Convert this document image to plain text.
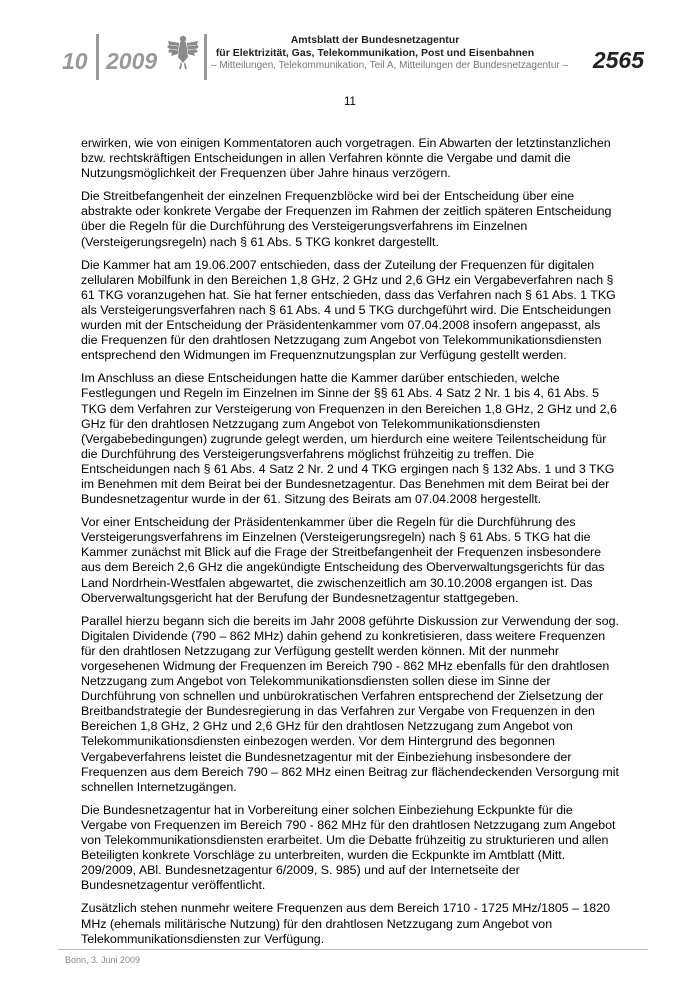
10 2009
Amtsblatt der Bundesnetzagentur
für Elektrizität, Gas, Telekommunikation, Post und Eisenbahnen
– Mitteilungen, Telekommunikation, Teil A, Mitteilungen der Bundesnetzagentur – 2565
11

erwirken, wie von einigen Kommentatoren auch vorgetragen. Ein Abwarten der letztinstanzlichen bzw. rechtskräftigen Entscheidungen in allen Verfahren könnte die Vergabe und damit die Nutzungsmöglichkeit der Frequenzen über Jahre hinaus verzögern.

Die Streitbefangenheit der einzelnen Frequenzblöcke wird bei der Entscheidung über eine abstrakte oder konkrete Vergabe der Frequenzen im Rahmen der zeitlich späteren Entscheidung über die Regeln für die Durchführung des Versteigerungsverfahrens im Einzelnen (Versteigerungsregeln) nach § 61 Abs. 5 TKG konkret dargestellt.

Die Kammer hat am 19.06.2007 entschieden, dass der Zuteilung der Frequenzen für digitalen zellularen Mobilfunk in den Bereichen 1,8 GHz, 2 GHz und 2,6 GHz ein Vergabeverfahren nach § 61 TKG voranzugehen hat. Sie hat ferner entschieden, dass das Verfahren nach § 61 Abs. 1 TKG als Versteigerungsverfahren nach § 61 Abs. 4 und 5 TKG durchgeführt wird. Die Entscheidungen wurden mit der Entscheidung der Präsidentenkammer vom 07.04.2008 insofern angepasst, als die Frequenzen für den drahtlosen Netzzugang zum Angebot von Telekommunikationsdiensten entsprechend den Widmungen im Frequenznutzungsplan zur Verfügung gestellt werden.

Im Anschluss an diese Entscheidungen hatte die Kammer darüber entschieden, welche Festlegungen und Regeln im Einzelnen im Sinne der §§ 61 Abs. 4 Satz 2 Nr. 1 bis 4, 61 Abs. 5 TKG dem Verfahren zur Versteigerung von Frequenzen in den Bereichen 1,8 GHz, 2 GHz und 2,6 GHz für den drahtlosen Netzzugang zum Angebot von Telekommunikationsdiensten (Vergabebedingungen) zugrunde gelegt werden, um hierdurch eine weitere Teilentscheidung für die Durchführung des Versteigerungsverfahrens möglichst frühzeitig zu treffen. Die Entscheidungen nach § 61 Abs. 4 Satz 2 Nr. 2 und 4 TKG ergingen nach § 132 Abs. 1 und 3 TKG im Benehmen mit dem Beirat bei der Bundesnetzagentur. Das Benehmen mit dem Beirat bei der Bundesnetzagentur wurde in der 61. Sitzung des Beirats am 07.04.2008 hergestellt.

Vor einer Entscheidung der Präsidentenkammer über die Regeln für die Durchführung des Versteigerungsverfahrens im Einzelnen (Versteigerungsregeln) nach § 61 Abs. 5 TKG hat die Kammer zunächst mit Blick auf die Frage der Streitbefangenheit der Frequenzen insbesondere aus dem Bereich 2,6 GHz die angekündigte Entscheidung des Oberverwaltungsgerichts für das Land Nordrhein-Westfalen abgewartet, die zwischenzeitlich am 30.10.2008 ergangen ist. Das Oberverwaltungsgericht hat der Berufung der Bundesnetzagentur stattgegeben.

Parallel hierzu begann sich die bereits im Jahr 2008 geführte Diskussion zur Verwendung der sog. Digitalen Dividende (790 – 862 MHz) dahin gehend zu konkretisieren, dass weitere Frequenzen für den drahtlosen Netzzugang zur Verfügung gestellt werden können. Mit der nunmehr vorgesehenen Widmung der Frequenzen im Bereich 790 - 862 MHz ebenfalls für den drahtlosen Netzzugang zum Angebot von Telekommunikationsdiensten sollen diese im Sinne der Durchführung von schnellen und unbürokratischen Verfahren entsprechend der Zielsetzung der Breitbandstrategie der Bundesregierung in das Verfahren zur Vergabe von Frequenzen in den Bereichen 1,8 GHz, 2 GHz und 2,6 GHz für den drahtlosen Netzzugang zum Angebot von Telekommunikationsdiensten einbezogen werden. Vor dem Hintergrund des begonnen Vergabeverfahrens leistet die Bundesnetzagentur mit der Einbeziehung insbesondere der Frequenzen aus dem Bereich 790 – 862 MHz einen Beitrag zur flächendeckenden Versorgung mit schnellen Internetzugängen.

Die Bundesnetzagentur hat in Vorbereitung einer solchen Einbeziehung Eckpunkte für die Vergabe von Frequenzen im Bereich 790 - 862 MHz für den drahtlosen Netzzugang zum Angebot von Telekommunikationsdiensten erarbeitet. Um die Debatte frühzeitig zu strukturieren und allen Beteiligten konkrete Vorschläge zu unterbreiten, wurden die Eckpunkte im Amtblatt (Mitt. 209/2009, ABl. Bundesnetzagentur 6/2009, S. 985) und auf der Internetseite der Bundesnetzagentur veröffentlicht.

Zusätzlich stehen nunmehr weitere Frequenzen aus dem Bereich 1710 - 1725 MHz/1805 – 1820 MHz (ehemals militärische Nutzung) für den drahtlosen Netzzugang zum Angebot von Telekommunikationsdiensten zur Verfügung.

Bonn, 3. Juni 2009
